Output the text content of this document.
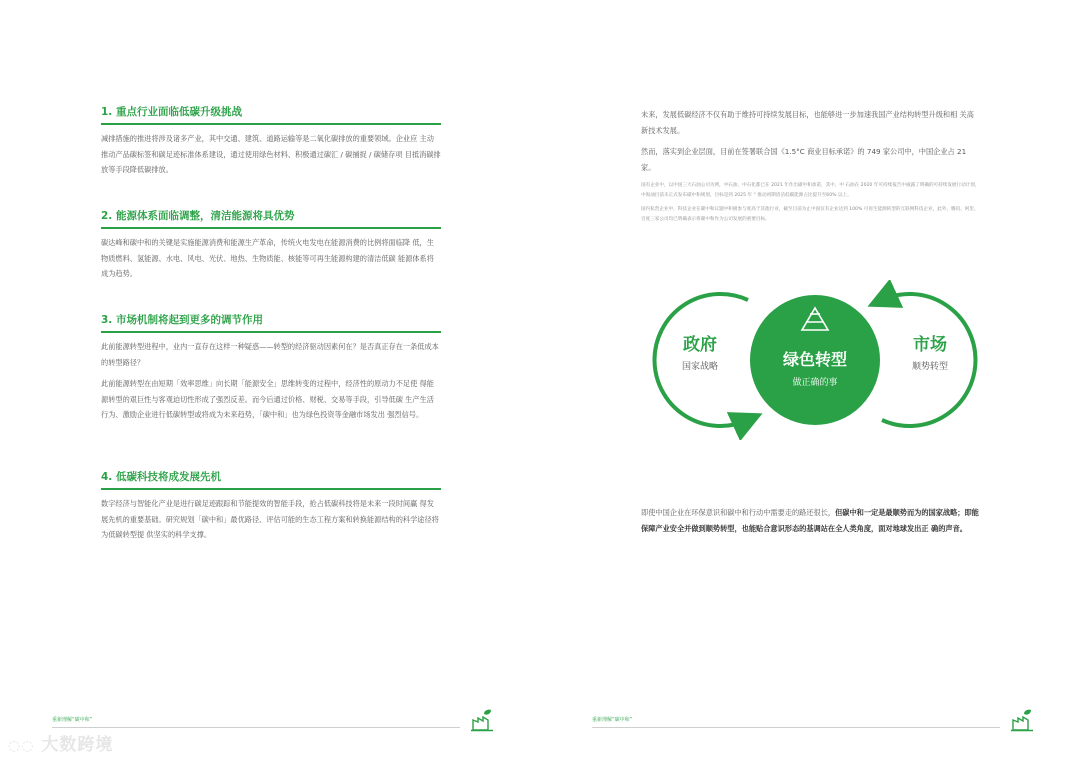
1. 重点行业面临低碳升级挑战

减排措施的推进将涉及诸多产业，其中交通、建筑、道路运输等是二氧化碳排放的重要领域。企业应 主动推动产品碳标签和碳足迹标准体系建设，通过使用绿色材料、积极通过碳汇 / 碳捕捉 / 碳储存项 目抵消碳排放等手段降低碳排放。

2. 能源体系面临调整，清洁能源将具优势

碳达峰和碳中和的关键是实施能源消费和能源生产革命，传统火电发电在能源消费的比例将面临降 低，生物质燃料、氢能源、水电、风电、光伏、地热、生物质能、核能等可再生能源构建的清洁低碳 能源体系将成为趋势。

3. 市场机制将起到更多的调节作用

此前能源转型进程中，业内一直存在这样一种疑惑——转型的经济驱动因素何在？是否真正存在一条低成本的转型路径？

此前能源转型在由短期「效率思维」向长期「能源安全」思维转变的过程中，经济性的原动力不足使 得能源转型的艰巨性与客观迫切性形成了强烈反差。而今后通过价格、财税、交易等手段，引导低碳 生产生活行为、激励企业进行低碳转型或将成为未来趋势，「碳中和」也为绿色投资等金融市场发出 强烈信号。

4. 低碳科技将成发展先机

数字经济与智能化产业是进行碳足迹跟踪和节能提效的智能手段，抢占低碳科技将是未来一段时间赢 得发展先机的重要基础。研究规划「碳中和」最优路径、评估可能的生态工程方案和转换能源结构的科学途径将为低碳转型提 供坚实的科学支撑。

重新理解“碳中和”
◌◌ 大数跨境

未来，发展低碳经济不仅有助于维持可持续发展目标，也能够进一步加速我国产业结构转型升级和相 关高新技术发展。

然而，落实到企业层面，目前在签署联合国《1.5°C 商业目标承诺》的 749 家公司中，中国企业占 21 家。

国有企业中，以中国三大石油公司为例，中石油、中石化都已在 2021 年作出碳中和承诺，其中，中 石油在 2020 年可持续报告中披露了明确的可持续发展行动计划，中海油目前未正式发布碳中和规划，目标是到 2025 年 “ 推动初期清洁低碳能源占比提升至60% 以上。

国内私营企业中，科技企业在碳中和议题中积极参与度高于其他行业，截至目前为止中国仅有企业达到 100% 可再生能源转型的互联网科技企业，此外，腾讯、阿里、百度三家公司均已明确表示将碳中和作为公司发展的重要目标。

政府
国家战略	绿色转型
做正确的事
市场
顺势转型
即使中国企业在环保意识和碳中和行动中需要走的路还很长，但碳中和一定是最顺势而为的国家战略；即能保障产业安全并做到顺势转型，也能贴合意识形态的基调站在全人类角度，面对地球发出正 确的声音。
重新理解“碳中和”
